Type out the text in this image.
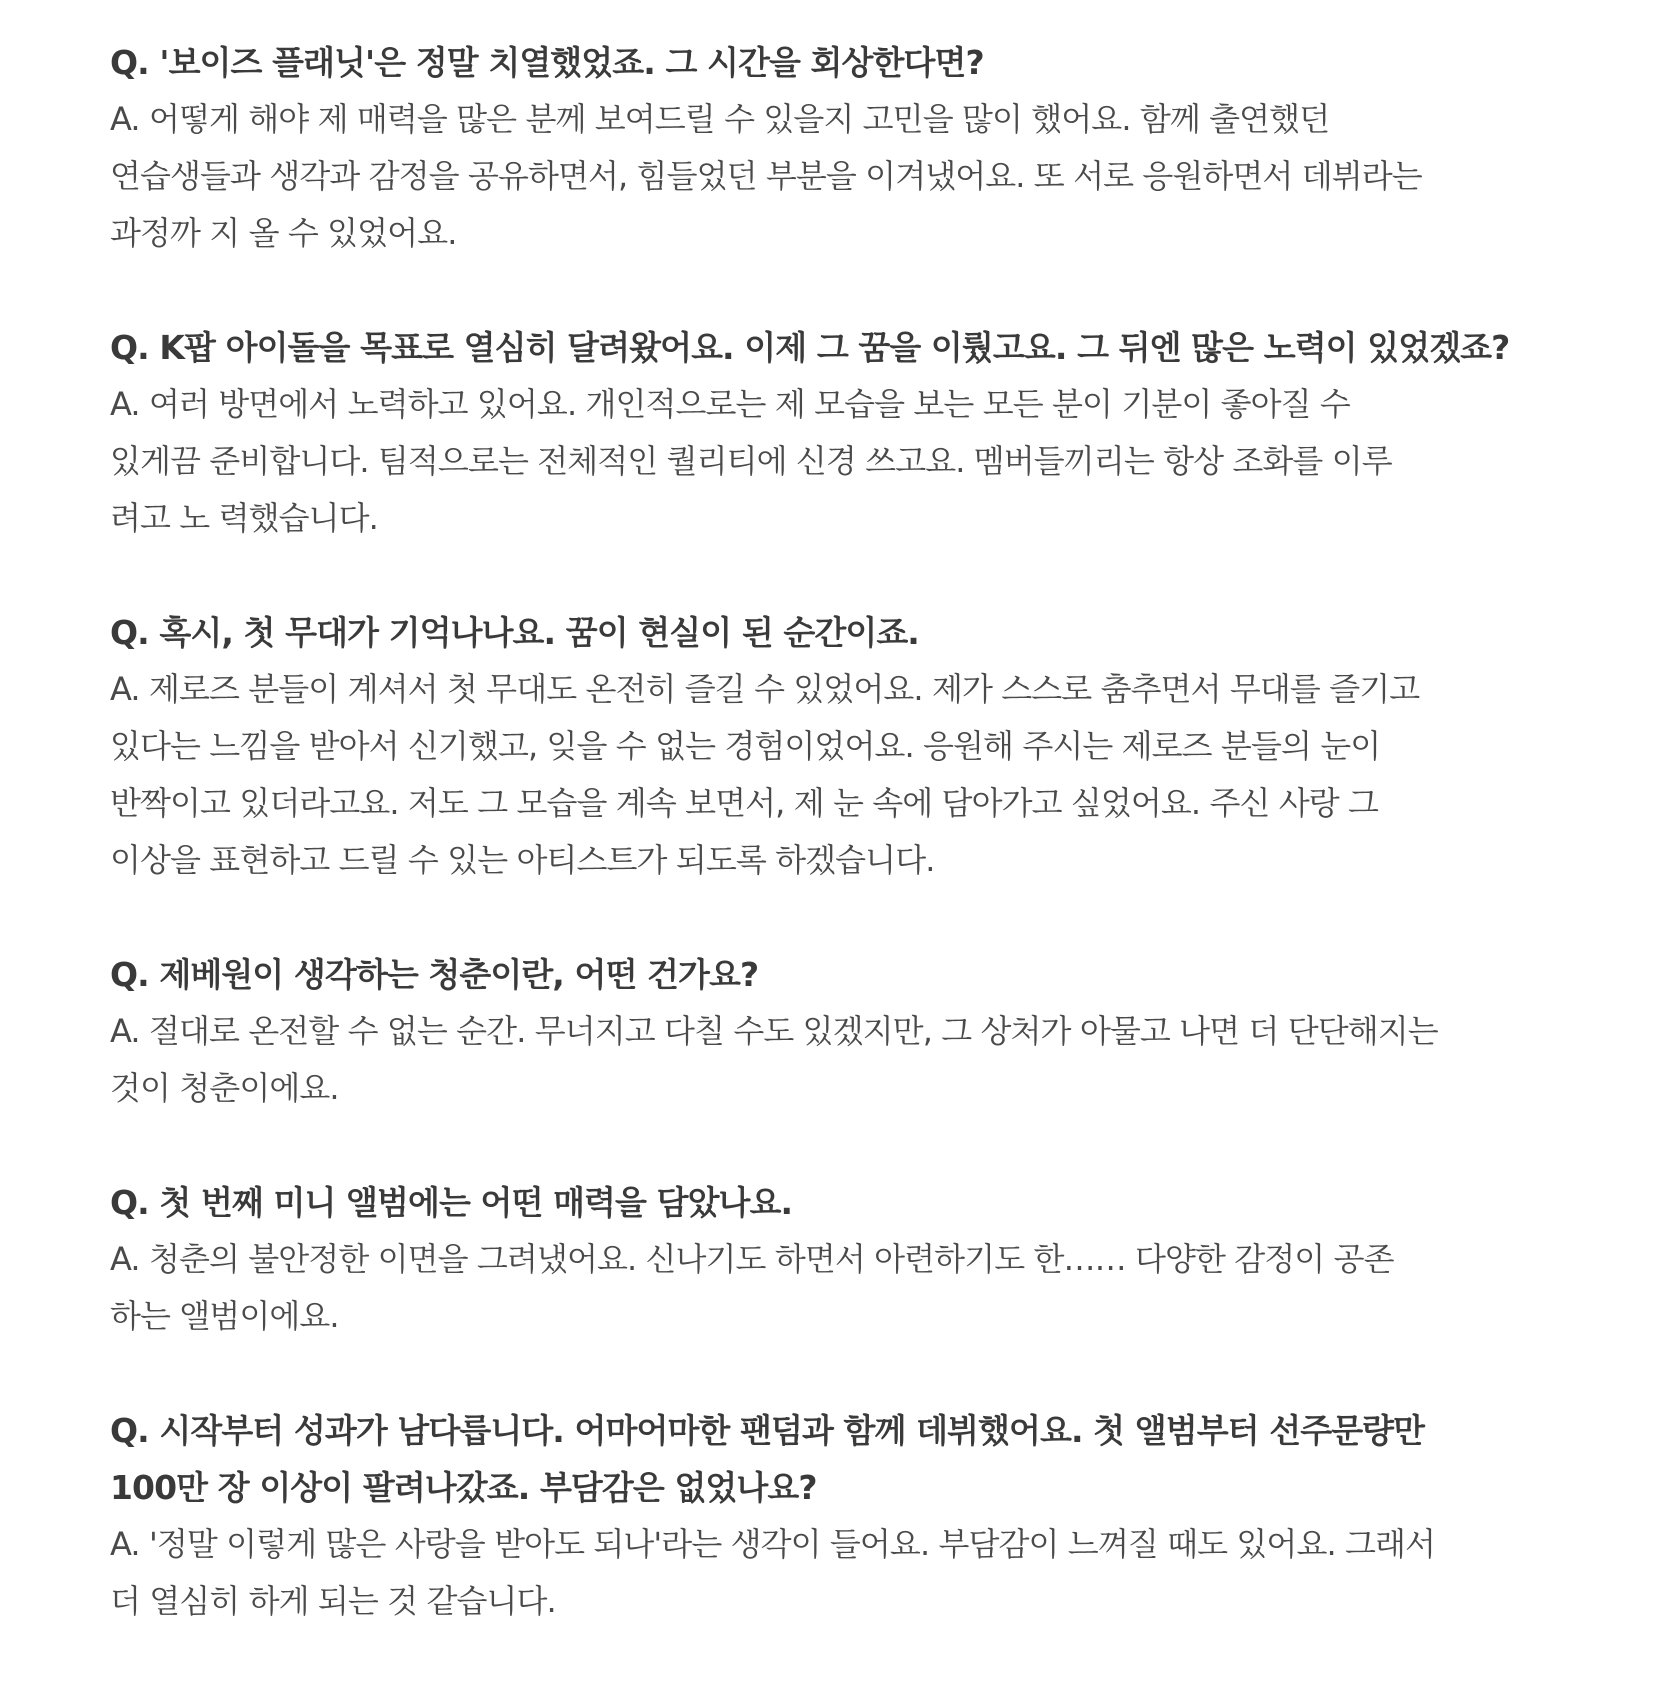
Q. '보이즈 플래닛'은 정말 치열했었죠. 그 시간을 회상한다면?

A. 어떻게 해야 제 매력을 많은 분께 보여드릴 수 있을지 고민을 많이 했어요. 함께 출연했던

연습생들과 생각과 감정을 공유하면서, 힘들었던 부분을 이겨냈어요. 또 서로 응원하면서 데뷔라는

과정까 지 올 수 있었어요.

Q. K팝 아이돌을 목표로 열심히 달려왔어요. 이제 그 꿈을 이뤘고요. 그 뒤엔 많은 노력이 있었겠죠?

A. 여러 방면에서 노력하고 있어요. 개인적으로는 제 모습을 보는 모든 분이 기분이 좋아질 수

있게끔 준비합니다. 팀적으로는 전체적인 퀄리티에 신경 쓰고요. 멤버들끼리는 항상 조화를 이루

려고 노 력했습니다.

Q. 혹시, 첫 무대가 기억나나요. 꿈이 현실이 된 순간이죠.

A. 제로즈 분들이 계셔서 첫 무대도 온전히 즐길 수 있었어요. 제가 스스로 춤추면서 무대를 즐기고

있다는 느낌을 받아서 신기했고, 잊을 수 없는 경험이었어요. 응원해 주시는 제로즈 분들의 눈이

반짝이고 있더라고요. 저도 그 모습을 계속 보면서, 제 눈 속에 담아가고 싶었어요. 주신 사랑 그

이상을 표현하고 드릴 수 있는 아티스트가 되도록 하겠습니다.

Q. 제베원이 생각하는 청춘이란, 어떤 건가요?

A. 절대로 온전할 수 없는 순간. 무너지고 다칠 수도 있겠지만, 그 상처가 아물고 나면 더 단단해지는

것이 청춘이에요.

Q. 첫 번째 미니 앨범에는 어떤 매력을 담았나요.

A. 청춘의 불안정한 이면을 그려냈어요. 신나기도 하면서 아련하기도 한…… 다양한 감정이 공존

하는 앨범이에요.

Q. 시작부터 성과가 남다릅니다. 어마어마한 팬덤과 함께 데뷔했어요. 첫 앨범부터 선주문량만

100만 장 이상이 팔려나갔죠. 부담감은 없었나요?

A. '정말 이렇게 많은 사랑을 받아도 되나'라는 생각이 들어요. 부담감이 느껴질 때도 있어요. 그래서

더 열심히 하게 되는 것 같습니다.
